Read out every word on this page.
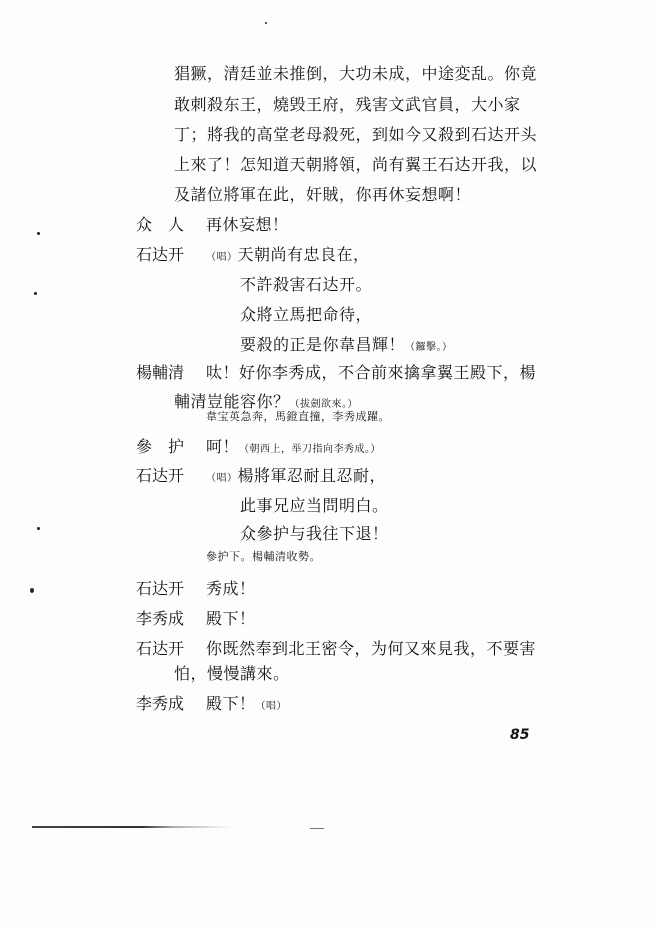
猖獗，清廷並未推倒，大功未成，中途変乱。你竟
敢刺殺东王，燒毁王府，残害文武官員，大小家
丁；將我的高堂老母殺死，到如今又殺到石达开头
上來了！怎知道天朝將領，尚有翼王石达开我，以
及諸位將軍在此，奸賊，你再休妄想啊！
众　人 再休妄想！
石达开 （唱）天朝尚有忠良在，
不許殺害石达开。
众將立馬把命待，
要殺的正是你韋昌輝！（鑼擊。）
楊輔清 呔！好你李秀成，不合前來擒拿翼王殿下，楊
輔清豈能容你？（拔劍欲來。）
韋宝英急奔，馬鐙直撞，李秀成躍。
參　护 呵！（朝西上，举刀指向李秀成。）
石达开 （唱）楊將軍忍耐且忍耐，
此事兄应当問明白。
众參护与我往下退！
參护下。楊輔清收勢。
石达开 秀成！
李秀成 殿下！
石达开 你既然奉到北王密令，为何又來見我，不要害
怕，慢慢講來。
李秀成 殿下！（唱）
85
